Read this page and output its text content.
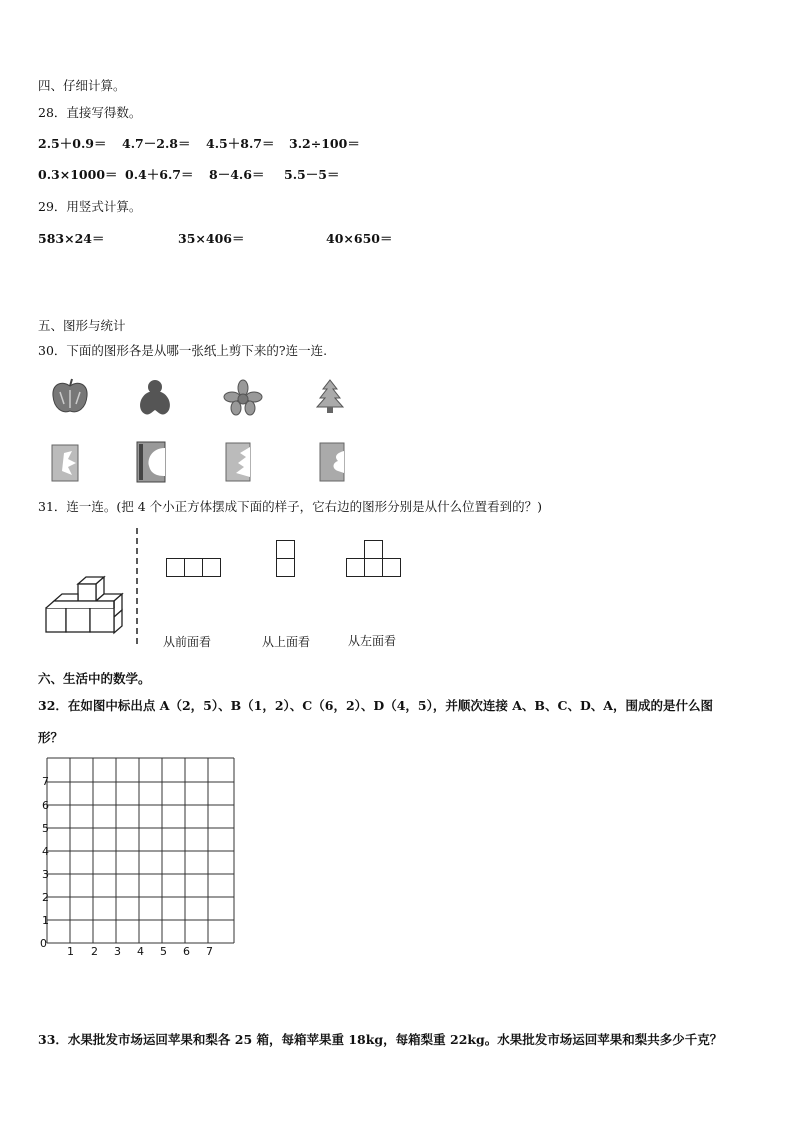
四、仔细计算。
28．直接写得数。
2.5＋0.9＝ 4.7－2.8＝ 4.5＋8.7＝ 3.2÷100＝
0.3×1000＝ 0.4＋6.7＝ 8－4.6＝ 5.5－5＝
29．用竖式计算。
583×24＝	35×406＝	40×650＝
五、图形与统计
30．下面的图形各是从哪一张纸上剪下来的?连一连.
31．连一连。(把 4 个小正方体摆成下面的样子，它右边的图形分别是从什么位置看到的？)
从前面看	从上面看	从左面看
六、生活中的数学。
32．在如图中标出点 A（2，5）、B（1，2）、C（6，2）、D（4，5），并顺次连接 A、B、C、D、A，围成的是什么图
形？
7
6
5
4
3
2
1
0
1 2 3 4 5 6 7
33．水果批发市场运回苹果和梨各 25 箱，每箱苹果重 18kg，每箱梨重 22kg。水果批发市场运回苹果和梨共多少千克？
